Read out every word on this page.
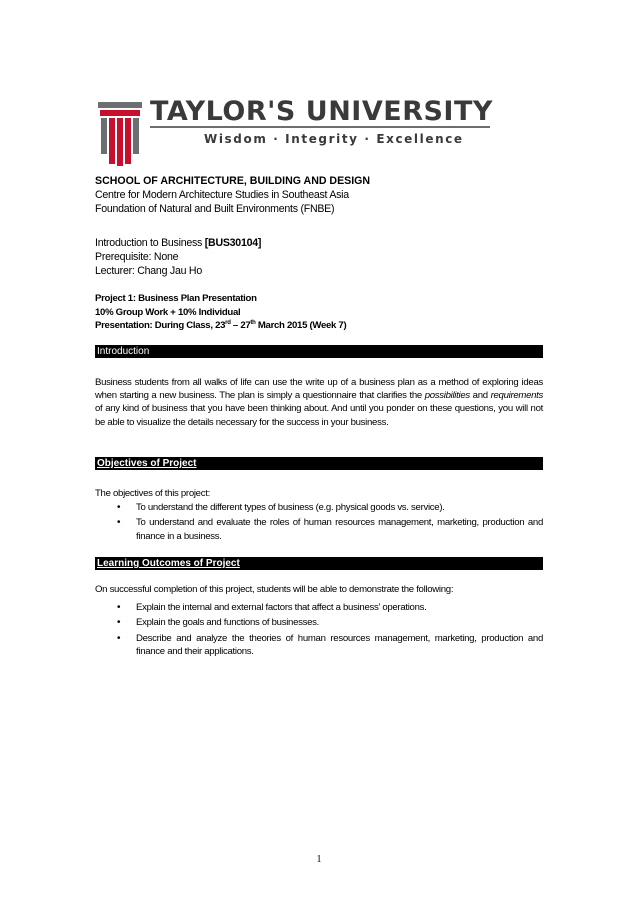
TAYLOR'S UNIVERSITY
Wisdom · Integrity · Excellence
SCHOOL OF ARCHITECTURE, BUILDING AND DESIGN
Centre for Modern Architecture Studies in Southeast Asia
Foundation of Natural and Built Environments (FNBE)
Introduction to Business [BUS30104]
Prerequisite: None
Lecturer: Chang Jau Ho
Project 1: Business Plan Presentation
10% Group Work + 10% Individual
Presentation: During Class, 23rd – 27th March 2015 (Week 7)
Introduction
Business students from all walks of life can use the write up of a business plan as a method of exploring ideas when starting a new business. The plan is simply a questionnaire that clarifies the possibilities and requirements of any kind of business that you have been thinking about. And until you ponder on these questions, you will not be able to visualize the details necessary for the success in your business.
Objectives of Project
The objectives of this project:
• To understand the different types of business (e.g. physical goods vs. service).
• To understand and evaluate the roles of human resources management, marketing, production and finance in a business.
Learning Outcomes of Project
On successful completion of this project, students will be able to demonstrate the following:
• Explain the internal and external factors that affect a business’ operations.
• Explain the goals and functions of businesses.
• Describe and analyze the theories of human resources management, marketing, production and finance and their applications.
1
